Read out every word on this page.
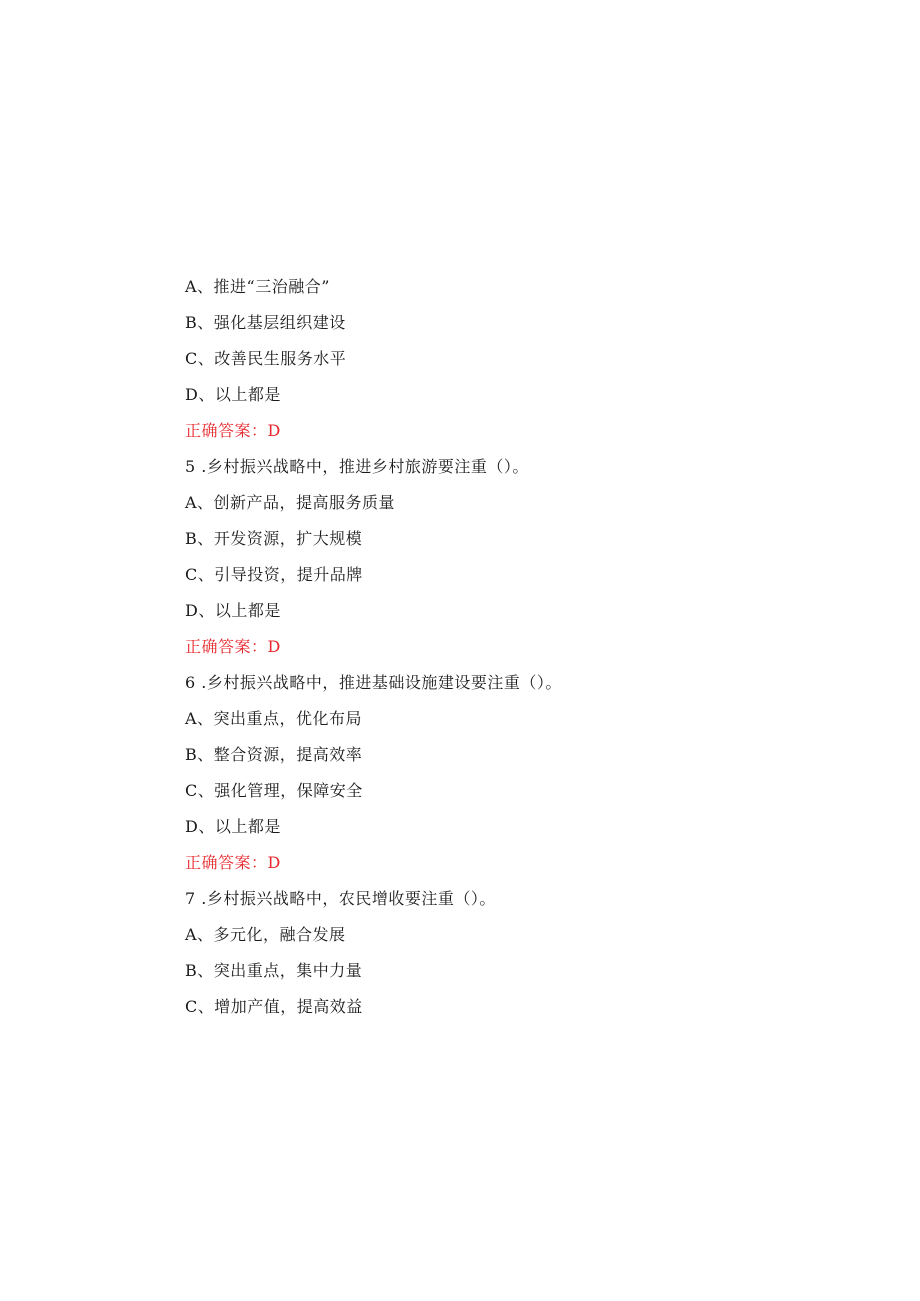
A、推进“三治融合”
B、强化基层组织建设
C、改善民生服务水平
D、以上都是
正确答案：D
5 .乡村振兴战略中，推进乡村旅游要注重（）。
A、创新产品，提高服务质量
B、开发资源，扩大规模
C、引导投资，提升品牌
D、以上都是
正确答案：D
6 .乡村振兴战略中，推进基础设施建设要注重（）。
A、突出重点，优化布局
B、整合资源，提高效率
C、强化管理，保障安全
D、以上都是
正确答案：D
7 .乡村振兴战略中，农民增收要注重（）。
A、多元化，融合发展
B、突出重点，集中力量
C、增加产值，提高效益
